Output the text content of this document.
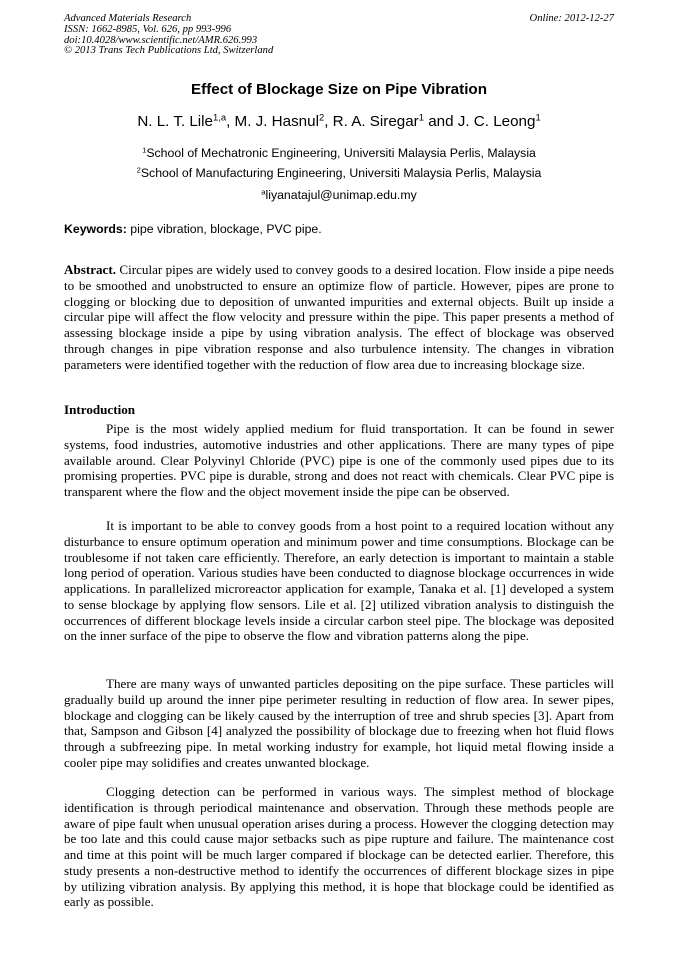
Advanced Materials Research
ISSN: 1662-8985, Vol. 626, pp 993-996
doi:10.4028/www.scientific.net/AMR.626.993
© 2013 Trans Tech Publications Ltd, Switzerland
Online: 2012-12-27
Effect of Blockage Size on Pipe Vibration
N. L. T. Lile$^{1,a}$, M. J. Hasnul$^2$, R. A. Siregar$^1$ and J. C. Leong$^1$
$^1$School of Mechatronic Engineering, Universiti Malaysia Perlis, Malaysia
$^2$School of Manufacturing Engineering, Universiti Malaysia Perlis, Malaysia
$^a$liyanatajul@unimap.edu.my
Keywords: pipe vibration, blockage, PVC pipe.
Abstract. Circular pipes are widely used to convey goods to a desired location. Flow inside a pipe needs to be smoothed and unobstructed to ensure an optimize flow of particle. However, pipes are prone to clogging or blocking due to deposition of unwanted impurities and external objects. Built up inside a circular pipe will affect the flow velocity and pressure within the pipe. This paper presents a method of assessing blockage inside a pipe by using vibration analysis. The effect of blockage was observed through changes in pipe vibration response and also turbulence intensity. The changes in vibration parameters were identified together with the reduction of flow area due to increasing blockage size.
Introduction
Pipe is the most widely applied medium for fluid transportation. It can be found in sewer systems, food industries, automotive industries and other applications. There are many types of pipe available around. Clear Polyvinyl Chloride (PVC) pipe is one of the commonly used pipes due to its promising properties. PVC pipe is durable, strong and does not react with chemicals. Clear PVC pipe is transparent where the flow and the object movement inside the pipe can be observed.
It is important to be able to convey goods from a host point to a required location without any disturbance to ensure optimum operation and minimum power and time consumptions. Blockage can be troublesome if not taken care efficiently. Therefore, an early detection is important to maintain a stable long period of operation. Various studies have been conducted to diagnose blockage occurrences in wide applications. In parallelized microreactor application for example, Tanaka et al. [1] developed a system to sense blockage by applying flow sensors. Lile et al. [2] utilized vibration analysis to distinguish the occurrences of different blockage levels inside a circular carbon steel pipe. The blockage was deposited on the inner surface of the pipe to observe the flow and vibration patterns along the pipe.
There are many ways of unwanted particles depositing on the pipe surface. These particles will gradually build up around the inner pipe perimeter resulting in reduction of flow area. In sewer pipes, blockage and clogging can be likely caused by the interruption of tree and shrub species [3]. Apart from that, Sampson and Gibson [4] analyzed the possibility of blockage due to freezing when hot fluid flows through a subfreezing pipe. In metal working industry for example, hot liquid metal flowing inside a cooler pipe may solidifies and creates unwanted blockage.
Clogging detection can be performed in various ways. The simplest method of blockage identification is through periodical maintenance and observation. Through these methods people are aware of pipe fault when unusual operation arises during a process. However the clogging detection may be too late and this could cause major setbacks such as pipe rupture and failure. The maintenance cost and time at this point will be much larger compared if blockage can be detected earlier. Therefore, this study presents a non-destructive method to identify the occurrences of different blockage sizes in pipe by utilizing vibration analysis. By applying this method, it is hope that blockage could be identified as early as possible.
